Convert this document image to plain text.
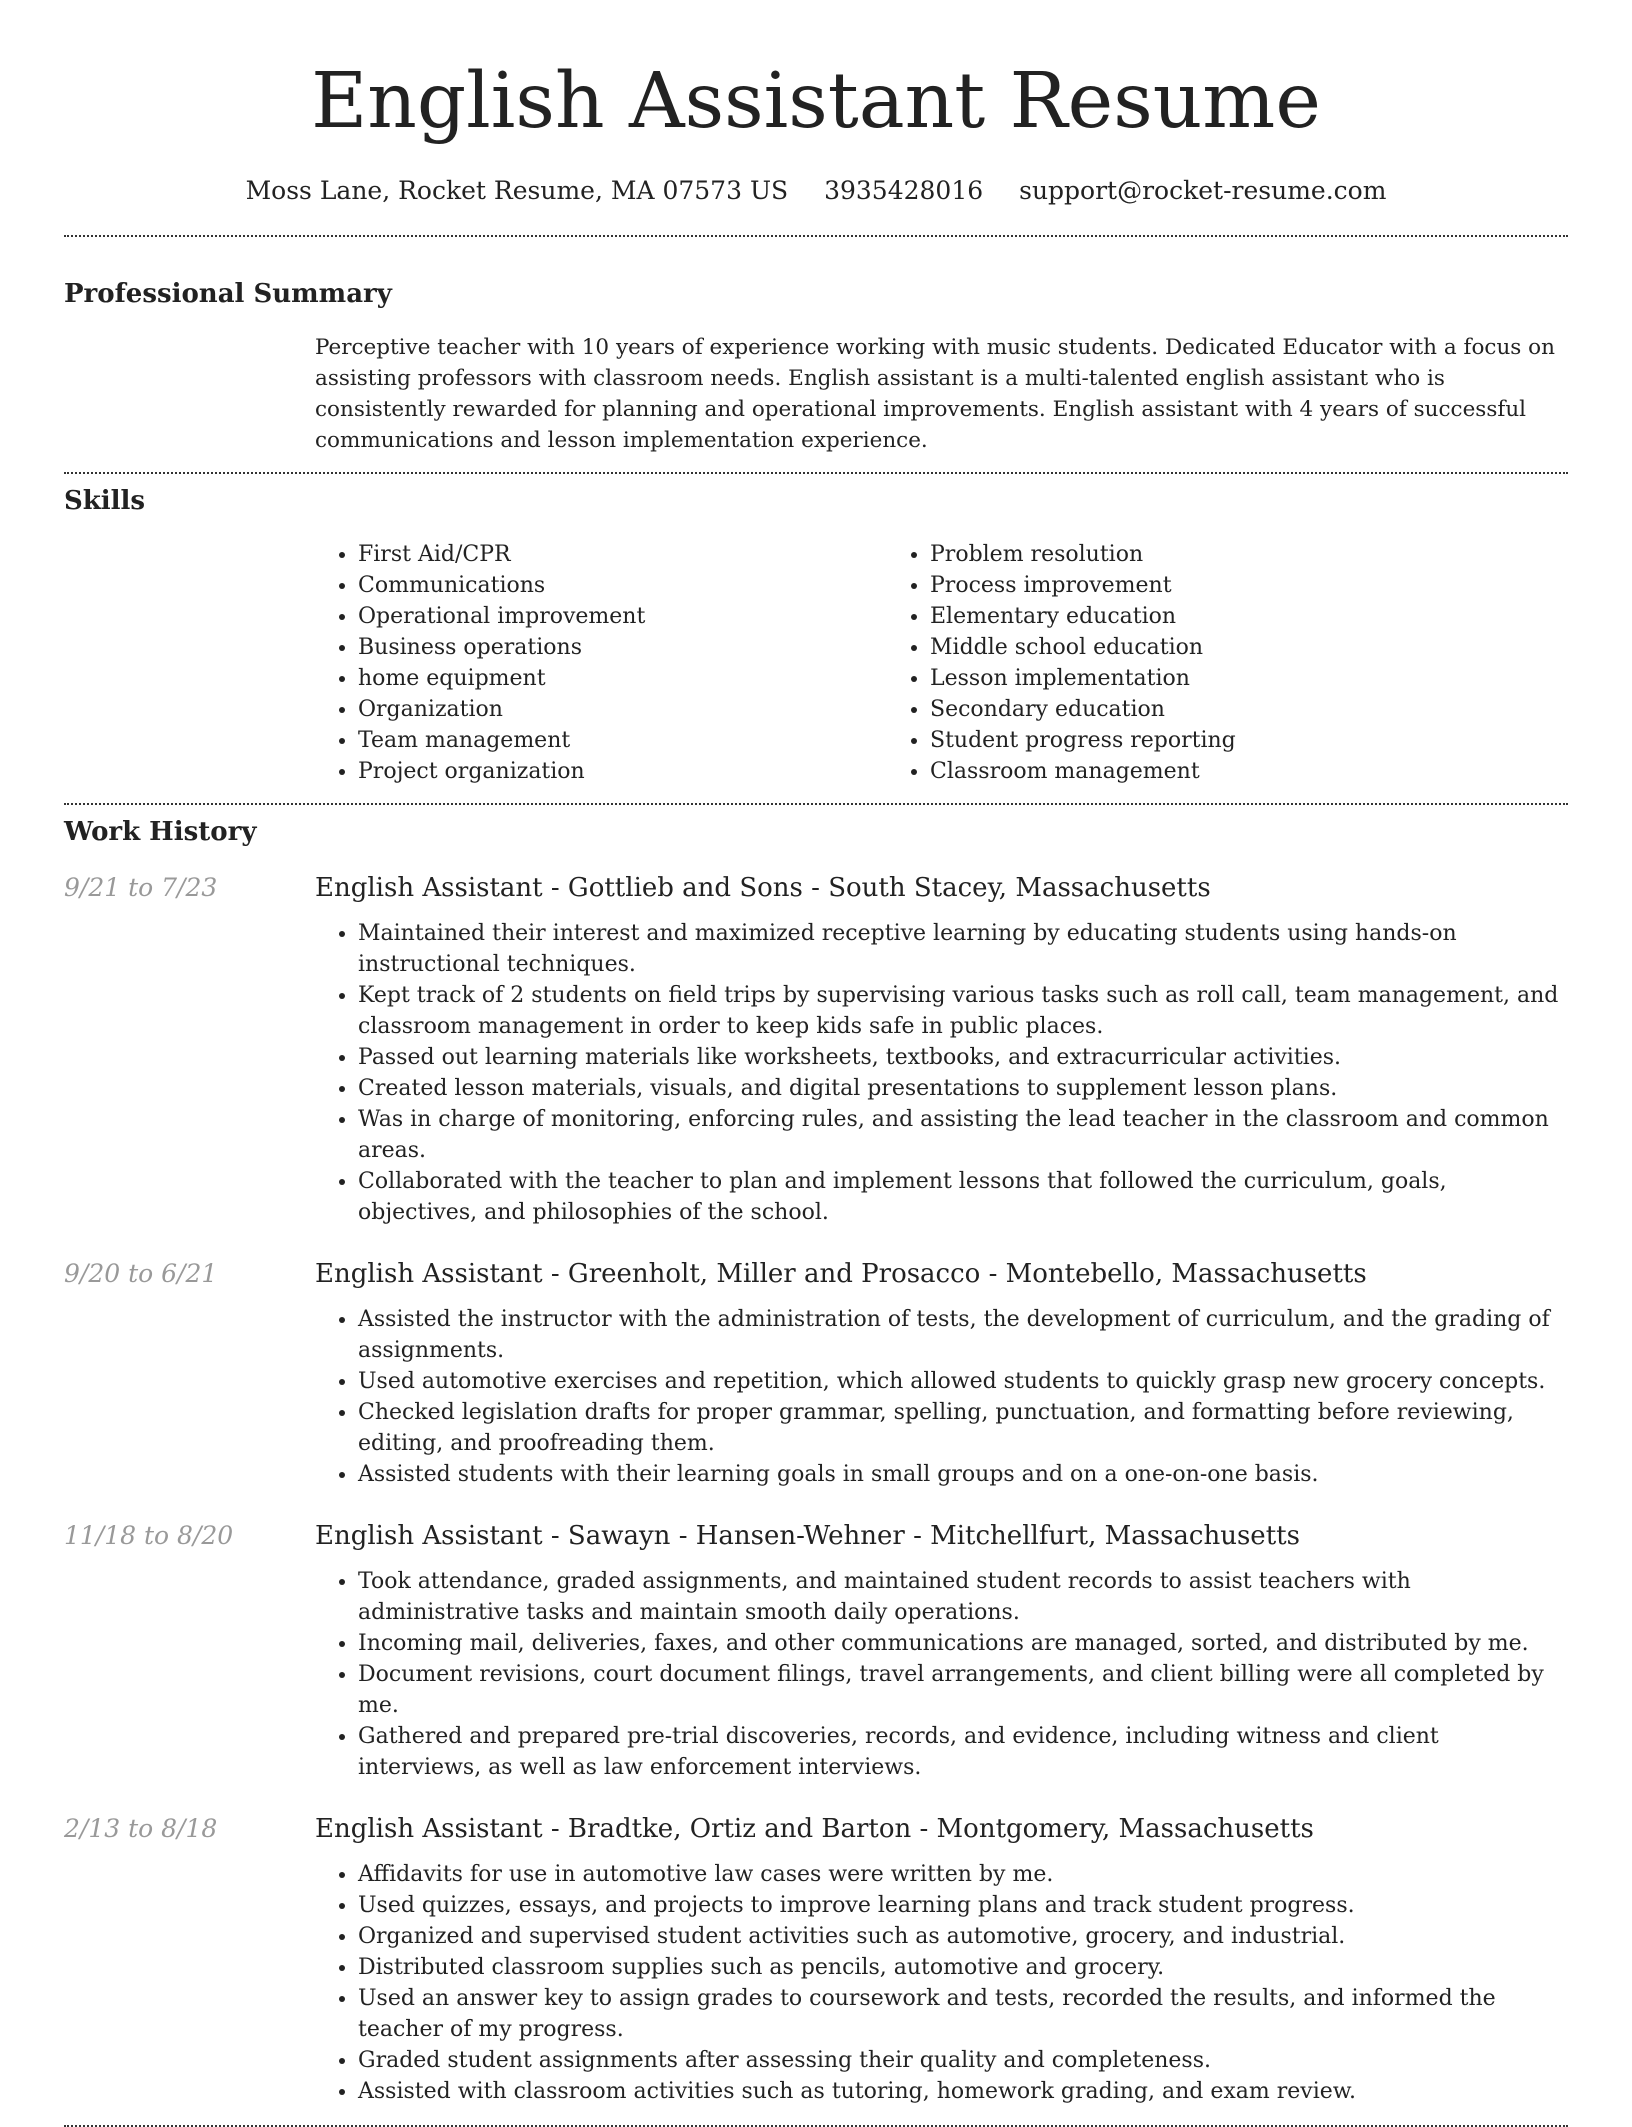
English Assistant Resume
Moss Lane, Rocket Resume, MA 07573 US 3935428016 support@rocket-resume.com
Professional Summary
Perceptive teacher with 10 years of experience working with music students. Dedicated Educator with a focus on assisting professors with classroom needs. English assistant is a multi-talented english assistant who is consistently rewarded for planning and operational improvements. English assistant with 4 years of successful communications and lesson implementation experience.
Skills
• First Aid/CPR
• Communications
• Operational improvement
• Business operations
• home equipment
• Organization
• Team management
• Project organization
• Problem resolution
• Process improvement
• Elementary education
• Middle school education
• Lesson implementation
• Secondary education
• Student progress reporting
• Classroom management
Work History
9/21 to 7/23	English Assistant - Gottlieb and Sons - South Stacey, Massachusetts
• Maintained their interest and maximized receptive learning by educating students using hands-on instructional techniques.
• Kept track of 2 students on field trips by supervising various tasks such as roll call, team management, and classroom management in order to keep kids safe in public places.
• Passed out learning materials like worksheets, textbooks, and extracurricular activities.
• Created lesson materials, visuals, and digital presentations to supplement lesson plans.
• Was in charge of monitoring, enforcing rules, and assisting the lead teacher in the classroom and common areas.
• Collaborated with the teacher to plan and implement lessons that followed the curriculum, goals, objectives, and philosophies of the school.
9/20 to 6/21	English Assistant - Greenholt, Miller and Prosacco - Montebello, Massachusetts
• Assisted the instructor with the administration of tests, the development of curriculum, and the grading of assignments.
• Used automotive exercises and repetition, which allowed students to quickly grasp new grocery concepts.
• Checked legislation drafts for proper grammar, spelling, punctuation, and formatting before reviewing, editing, and proofreading them.
• Assisted students with their learning goals in small groups and on a one-on-one basis.
11/18 to 8/20	English Assistant - Sawayn - Hansen-Wehner - Mitchellfurt, Massachusetts
• Took attendance, graded assignments, and maintained student records to assist teachers with administrative tasks and maintain smooth daily operations.
• Incoming mail, deliveries, faxes, and other communications are managed, sorted, and distributed by me.
• Document revisions, court document filings, travel arrangements, and client billing were all completed by me.
• Gathered and prepared pre-trial discoveries, records, and evidence, including witness and client interviews, as well as law enforcement interviews.
2/13 to 8/18	English Assistant - Bradtke, Ortiz and Barton - Montgomery, Massachusetts
• Affidavits for use in automotive law cases were written by me.
• Used quizzes, essays, and projects to improve learning plans and track student progress.
• Organized and supervised student activities such as automotive, grocery, and industrial.
• Distributed classroom supplies such as pencils, automotive and grocery.
• Used an answer key to assign grades to coursework and tests, recorded the results, and informed the teacher of my progress.
• Graded student assignments after assessing their quality and completeness.
• Assisted with classroom activities such as tutoring, homework grading, and exam review.
